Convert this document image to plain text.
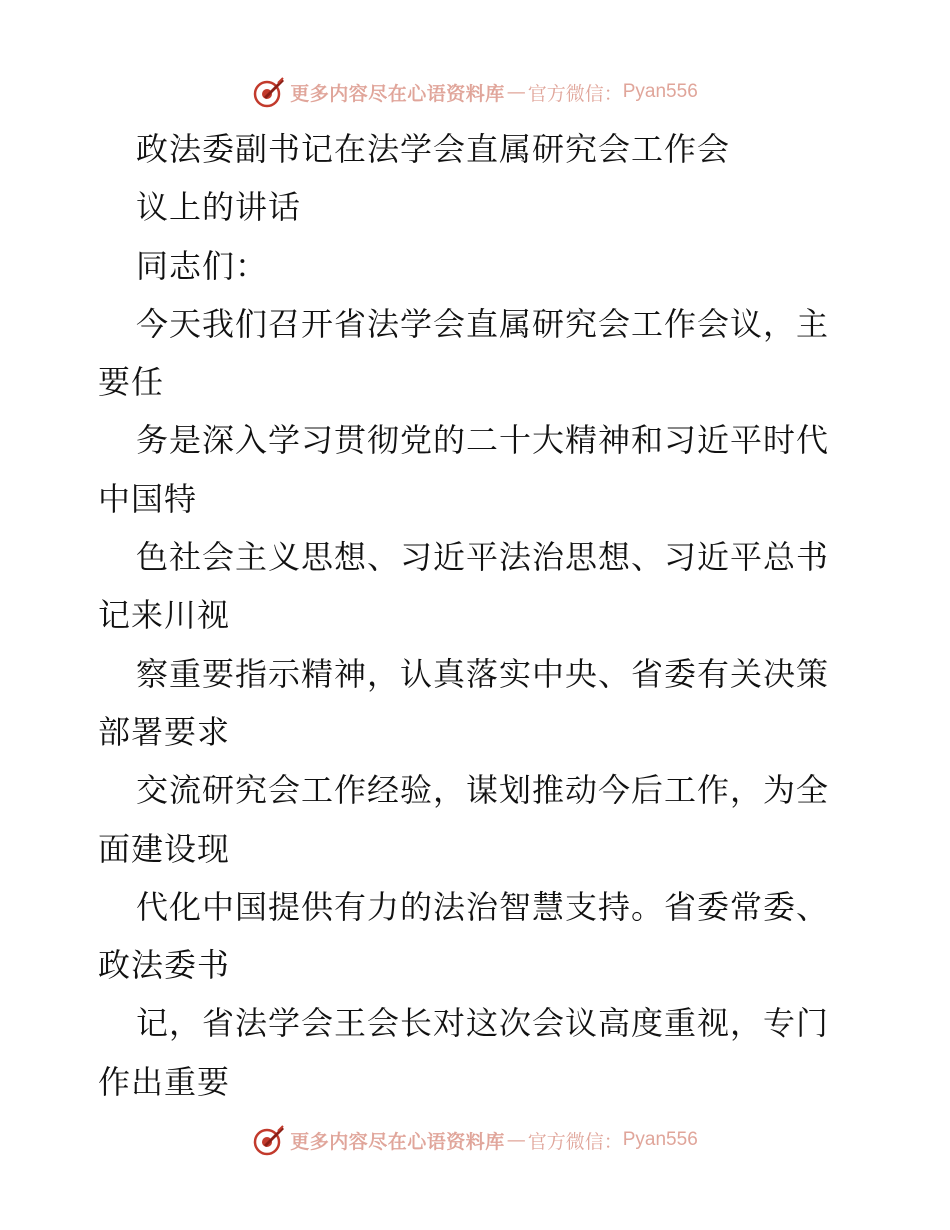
更多内容尽在心语资料库 — 官方微信： Pyan556
政法委副书记在法学会直属研究会工作会
议上的讲话
同志们：
今天我们召开省法学会直属研究会工作会议，主
要任
务是深入学习贯彻党的二十大精神和习近平时代
中国特
色社会主义思想、习近平法治思想、习近平总书
记来川视
察重要指示精神，认真落实中央、省委有关决策
部署要求
交流研究会工作经验，谋划推动今后工作，为全
面建设现
代化中国提供有力的法治智慧支持。省委常委、
政法委书
记，省法学会王会长对这次会议高度重视，专门
作出重要
更多内容尽在心语资料库 — 官方微信： Pyan556
